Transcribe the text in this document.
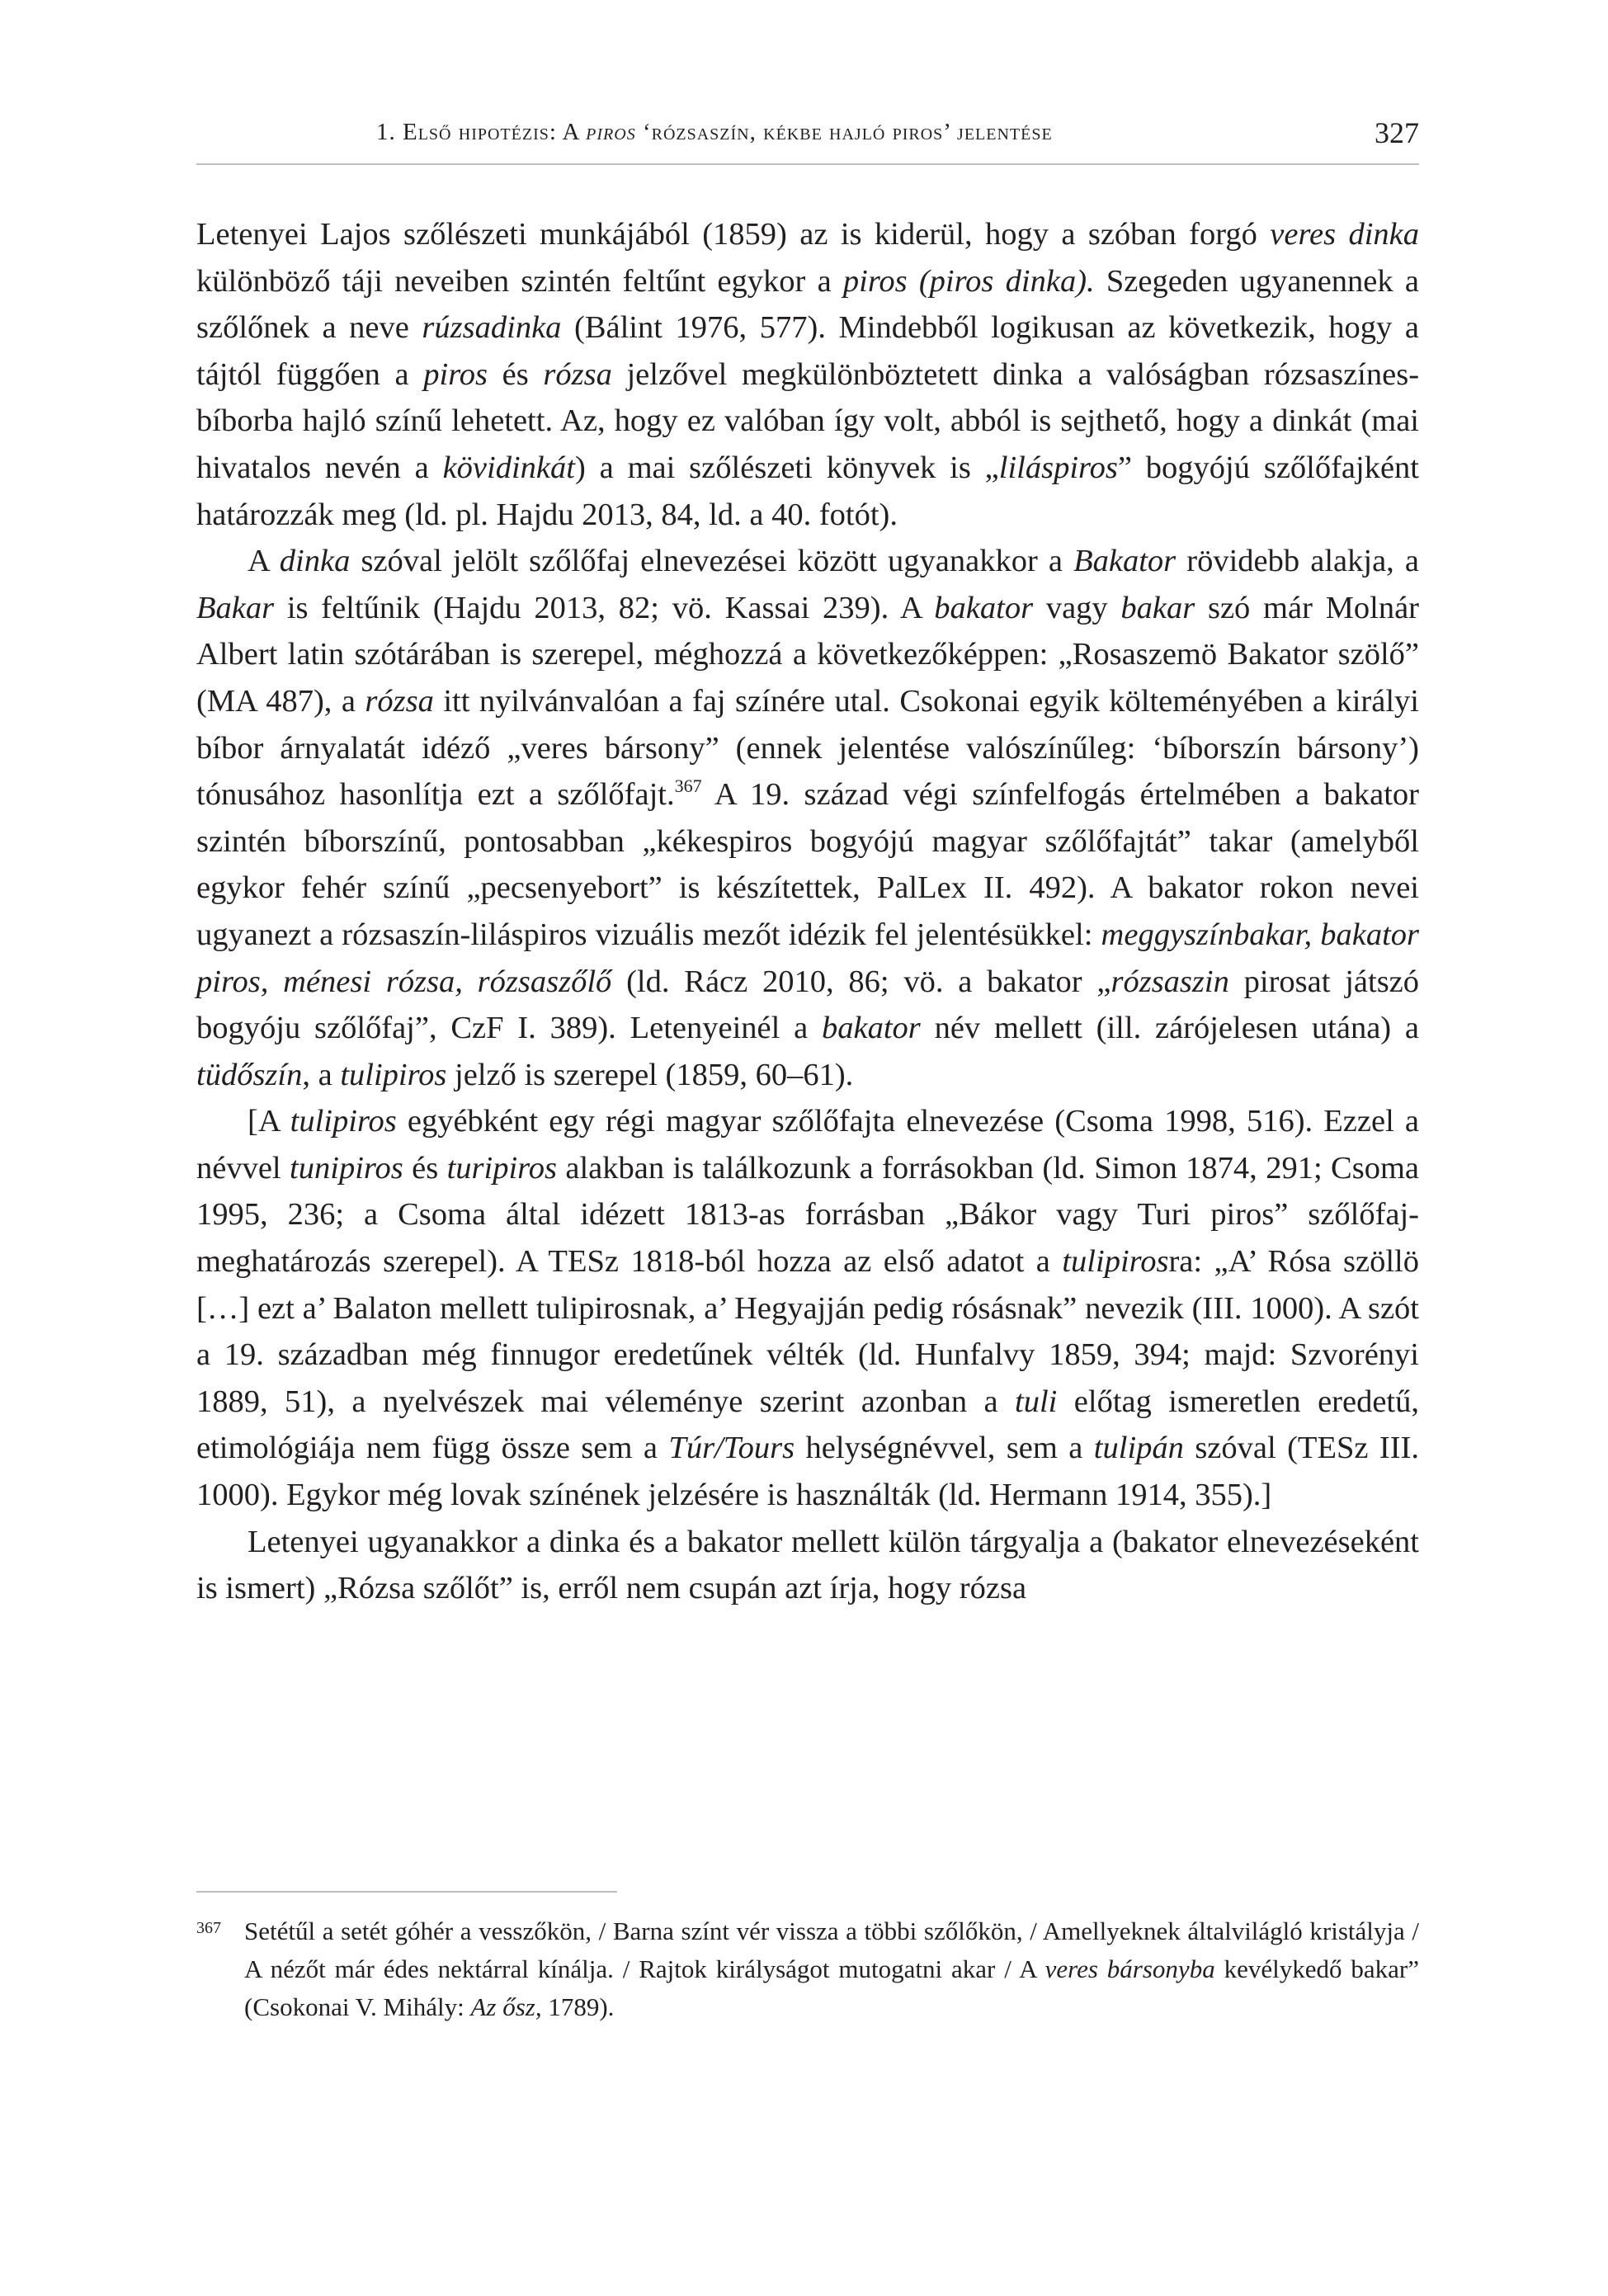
1. Első hipotézis: A piros ‘rózsaszín, kékbe hajló piros’ jelentése	327

Letenyei Lajos szőlészeti munkájából (1859) az is kiderül, hogy a szóban forgó veres dinka különböző táji neveiben szintén feltűnt egykor a piros (piros dinka). Szegeden ugyanennek a szőlőnek a neve rúzsadinka (Bálint 1976, 577). Mindebből logikusan az következik, hogy a tájtól függően a piros és rózsa jelzővel megkülönböztetett dinka a valóságban rózsaszínes-bíborba hajló színű lehetett. Az, hogy ez valóban így volt, abból is sejthető, hogy a dinkát (mai hivatalos nevén a kövidinkát) a mai szőlészeti könyvek is „liláspiros” bogyójú szőlőfajként határozzák meg (ld. pl. Hajdu 2013, 84, ld. a 40. fotót).

A dinka szóval jelölt szőlőfaj elnevezései között ugyanakkor a Bakator rövidebb alakja, a Bakar is feltűnik (Hajdu 2013, 82; vö. Kassai 239). A bakator vagy bakar szó már Molnár Albert latin szótárában is szerepel, méghozzá a következőképpen: „Rosaszemö Bakator szölő” (MA 487), a rózsa itt nyilvánvalóan a faj színére utal. Csokonai egyik költeményében a királyi bíbor árnyalatát idéző „veres bársony” (ennek jelentése valószínűleg: ‘bíborszín bársony’) tónusához hasonlítja ezt a szőlőfajt.$^{367}$ A 19. század végi színfelfogás értelmében a bakator szintén bíborszínű, pontosabban „kékespiros bogyójú magyar szőlőfajtát” takar (amelyből egykor fehér színű „pecsenyebort” is készítettek, PalLex II. 492). A bakator rokon nevei ugyanezt a rózsaszín-liláspiros vizuális mezőt idézik fel jelentésükkel: meggyszínbakar, bakator piros, ménesi rózsa, rózsaszőlő (ld. Rácz 2010, 86; vö. a bakator „rózsaszin pirosat játszó bogyóju szőlőfaj”, CzF I. 389). Letenyeinél a bakator név mellett (ill. zárójelesen utána) a tüdőszín, a tulipiros jelző is szerepel (1859, 60–61).

[A tulipiros egyébként egy régi magyar szőlőfajta elnevezése (Csoma 1998, 516). Ezzel a névvel tunipiros és turipiros alakban is találkozunk a forrásokban (ld. Simon 1874, 291; Csoma 1995, 236; a Csoma által idézett 1813-as forrásban „Bákor vagy Turi piros” szőlőfaj-meghatározás szerepel). A TESz 1818-ból hozza az első adatot a tulipirosra: „A’ Rósa szöllö […] ezt a’ Balaton mellett tulipirosnak, a’ Hegyajján pedig rósásnak” nevezik (III. 1000). A szót a 19. században még finnugor eredetűnek vélték (ld. Hunfalvy 1859, 394; majd: Szvorényi 1889, 51), a nyelvészek mai véleménye szerint azonban a tuli előtag ismeretlen eredetű, etimológiája nem függ össze sem a Túr/Tours helységnévvel, sem a tulipán szóval (TESz III. 1000). Egykor még lovak színének jelzésére is használták (ld. Hermann 1914, 355).]

Letenyei ugyanakkor a dinka és a bakator mellett külön tárgyalja a (bakator elnevezéseként is ismert) „Rózsa szőlőt” is, erről nem csupán azt írja, hogy rózsa

367 Setétűl a setét góhér a vesszőkön, / Barna színt vér vissza a többi szőlőkön, / Amellyeknek általvilágló kristályja / A nézőt már édes nektárral kínálja. / Rajtok királyságot mutogatni akar / A veres bársonyba kevélykedő bakar” (Csokonai V. Mihály: Az ősz, 1789).
